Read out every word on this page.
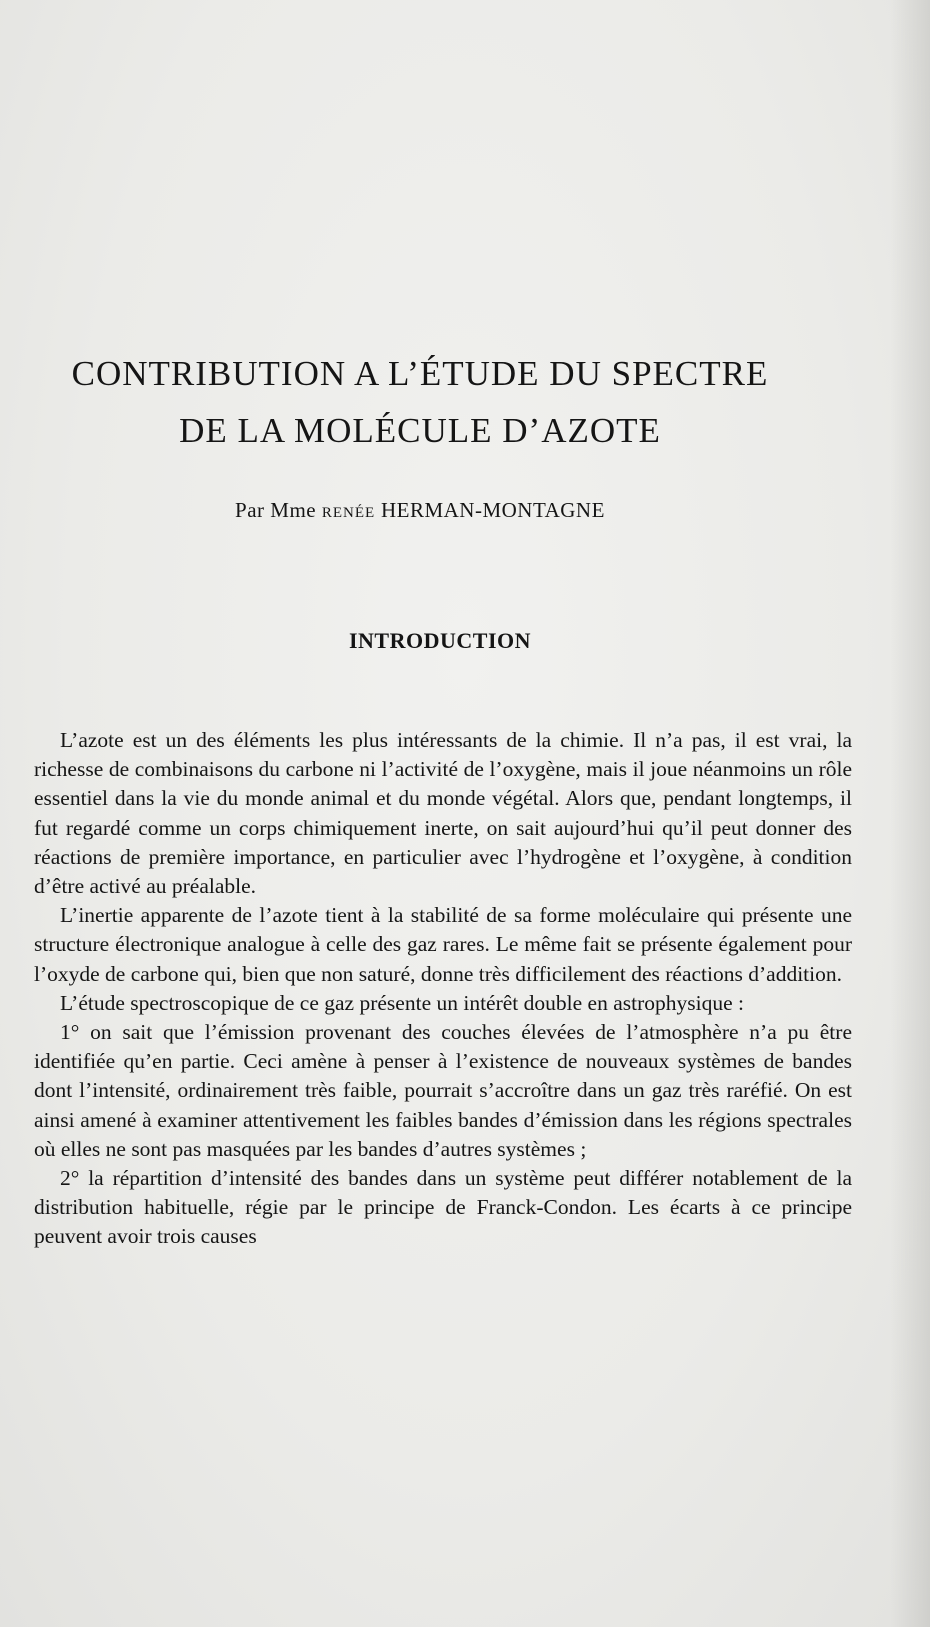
CONTRIBUTION A L’ÉTUDE DU SPECTRE
DE LA MOLÉCULE D’AZOTE

Par Mme RENÉE HERMAN-MONTAGNE

INTRODUCTION

L’azote est un des éléments les plus intéressants de la chimie. Il n’a pas, il est vrai, la richesse de combinaisons du carbone ni l’activité de l’oxygène, mais il joue néanmoins un rôle essentiel dans la vie du monde animal et du monde végétal. Alors que, pendant longtemps, il fut regardé comme un corps chimiquement inerte, on sait aujourd’hui qu’il peut donner des réactions de première importance, en particulier avec l’hydrogène et l’oxygène, à condition d’être activé au préalable.

L’inertie apparente de l’azote tient à la stabilité de sa forme moléculaire qui présente une structure électronique analogue à celle des gaz rares. Le même fait se présente également pour l’oxyde de carbone qui, bien que non saturé, donne très difficilement des réactions d’addition.

L’étude spectroscopique de ce gaz présente un intérêt double en astrophysique :

1° on sait que l’émission provenant des couches élevées de l’atmosphère n’a pu être identifiée qu’en partie. Ceci amène à penser à l’existence de nouveaux systèmes de bandes dont l’intensité, ordinairement très faible, pourrait s’accroître dans un gaz très raréfié. On est ainsi amené à examiner attentivement les faibles bandes d’émission dans les régions spectrales où elles ne sont pas masquées par les bandes d’autres systèmes ;

2° la répartition d’intensité des bandes dans un système peut différer notablement de la distribution habituelle, régie par le principe de Franck-Condon. Les écarts à ce principe peuvent avoir trois causes
